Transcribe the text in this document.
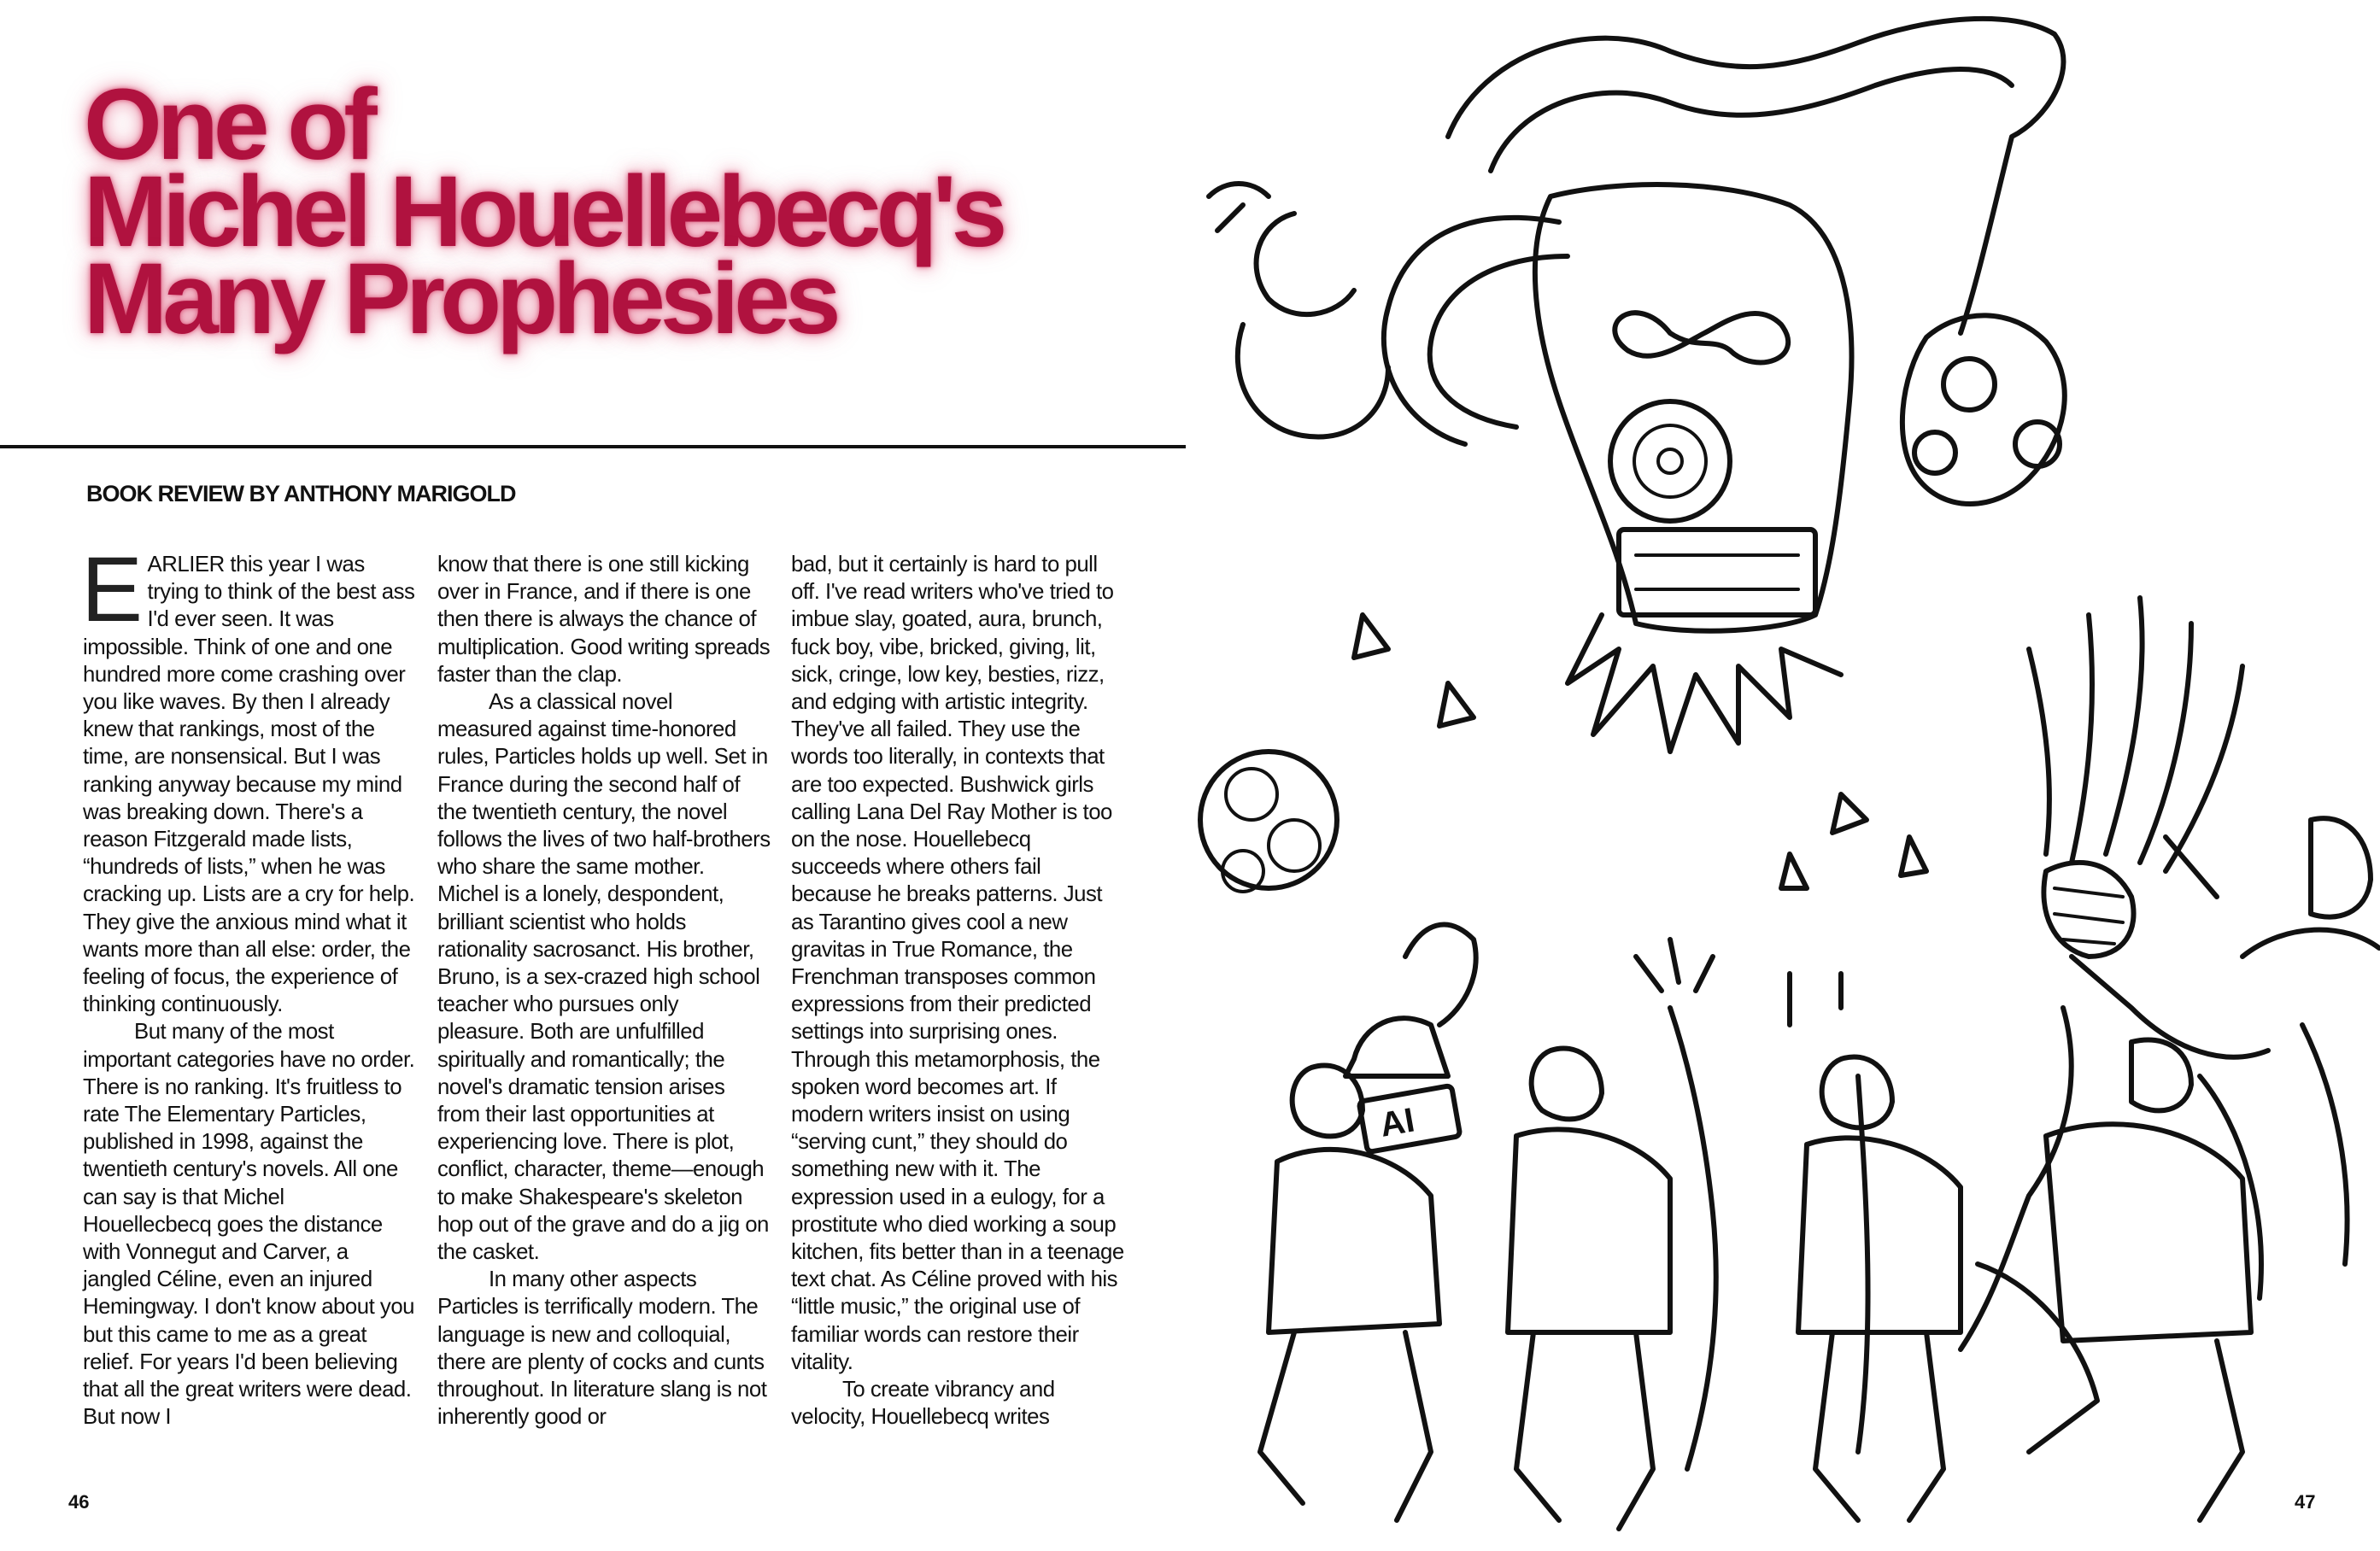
One of
Michel Houellebecq's
Many Prophesies
BOOK REVIEW BY ANTHONY MARIGOLD

EARLIER this year I was trying to think of the best ass I'd ever seen. It was impossible. Think of one and one hundred more come crashing over you like waves. By then I already knew that rankings, most of the time, are nonsensical. But I was ranking anyway because my mind was breaking down. There's a reason Fitzgerald made lists, “hundreds of lists,” when he was cracking up. Lists are a cry for help. They give the anxious mind what it wants more than all else: order, the feeling of focus, the experience of thinking continuously.

But many of the most important categories have no order. There is no ranking. It's fruitless to rate The Elementary Particles, published in 1998, against the twentieth century's novels. All one can say is that Michel Houellecbecq goes the distance with Vonnegut and Carver, a jangled Céline, even an injured Hemingway. I don't know about you but this came to me as a great relief. For years I'd been believing that all the great writers were dead. But now I

know that there is one still kicking over in France, and if there is one then there is always the chance of multiplication. Good writing spreads faster than the clap.

As a classical novel measured against time-honored rules, Particles holds up well. Set in France during the second half of the twentieth century, the novel follows the lives of two half-brothers who share the same mother. Michel is a lonely, despondent, brilliant scientist who holds rationality sacrosanct. His brother, Bruno, is a sex-crazed high school teacher who pursues only pleasure. Both are unfulfilled spiritually and romantically; the novel's dramatic tension arises from their last opportunities at experiencing love. There is plot, conflict, character, theme—enough to make Shakespeare's skeleton hop out of the grave and do a jig on the casket.

In many other aspects Particles is terrifically modern. The language is new and colloquial, there are plenty of cocks and cunts throughout. In literature slang is not inherently good or

bad, but it certainly is hard to pull off. I've read writers who've tried to imbue slay, goated, aura, brunch, fuck boy, vibe, bricked, giving, lit, sick, cringe, low key, besties, rizz, and edging with artistic integrity. They've all failed. They use the words too literally, in contexts that are too expected. Bushwick girls calling Lana Del Ray Mother is too on the nose. Houellebecq succeeds where others fail because he breaks patterns. Just as Tarantino gives cool a new gravitas in True Romance, the Frenchman transposes common expressions from their predicted settings into surprising ones. Through this metamorphosis, the spoken word becomes art. If modern writers insist on using “serving cunt,” they should do something new with it. The expression used in a eulogy, for a prostitute who died working a soup kitchen, fits better than in a teenage text chat. As Céline proved with his “little music,” the original use of familiar words can restore their vitality.

To create vibrancy and velocity, Houellebecq writes

46
AI
47
